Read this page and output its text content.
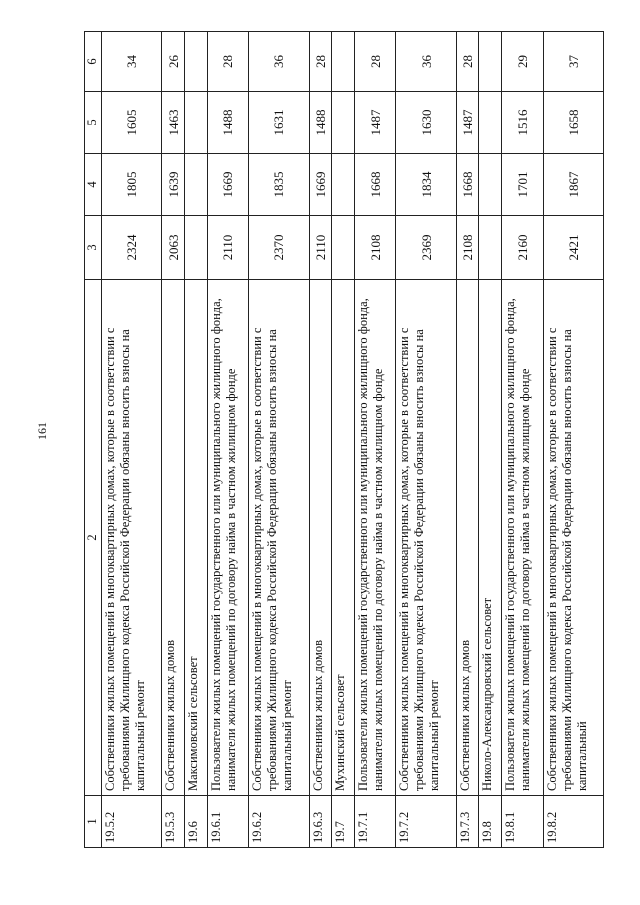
161
1	2	3	4	5	6
19.5.2	Собственники жилых помещений в многоквартирных домах, которые в соответствии с требованиями Жилищного кодекса Российской Федерации обязаны вносить взносы на капитальный ремонт	2324	1805	1605	34
19.5.3	Собственники жилых домов	2063	1639	1463	26
19.6	Максимовский сельсовет				
19.6.1	Пользователи жилых помещений государственного или муниципального жилищного фонда, наниматели жилых помещений по договору найма в частном жилищном фонде	2110	1669	1488	28
19.6.2	Собственники жилых помещений в многоквартирных домах, которые в соответствии с требованиями Жилищного кодекса Российской Федерации обязаны вносить взносы на капитальный ремонт	2370	1835	1631	36
19.6.3	Собственники жилых домов	2110	1669	1488	28
19.7	Мухинский сельсовет				
19.7.1	Пользователи жилых помещений государственного или муниципального жилищного фонда, наниматели жилых помещений по договору найма в частном жилищном фонде	2108	1668	1487	28
19.7.2	Собственники жилых помещений в многоквартирных домах, которые в соответствии с требованиями Жилищного кодекса Российской Федерации обязаны вносить взносы на капитальный ремонт	2369	1834	1630	36
19.7.3	Собственники жилых домов	2108	1668	1487	28
19.8	Николо-Александровский сельсовет				
19.8.1	Пользователи жилых помещений государственного или муниципального жилищного фонда, наниматели жилых помещений по договору найма в частном жилищном фонде	2160	1701	1516	29
19.8.2	Собственники жилых помещений в многоквартирных домах, которые в соответствии с требованиями Жилищного кодекса Российской Федерации обязаны вносить взносы на капитальный	2421	1867	1658	37
